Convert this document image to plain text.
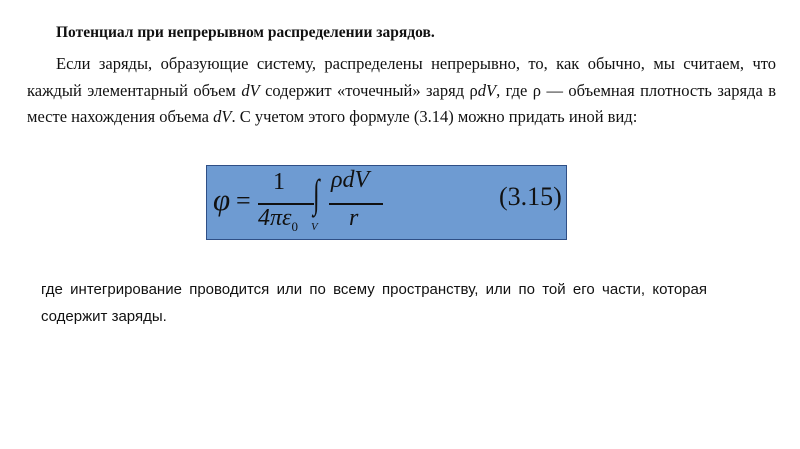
Потенциал при непрерывном распределении зарядов.

Если заряды, образующие систему, распределены непрерывно, то, как обычно, мы считаем, что каждый элементарный объем dV содержит «точечный» заряд ρdV, где ρ — объемная плотность заряда в месте нахождения объема dV. С учетом этого формуле (3.14) можно придать иной вид:

φ =
1
$4\pi\varepsilon_0$
∫
V
ρdV
r
(3.15)

где интегрирование проводится или по всему пространству, или по той его части, которая содержит заряды.
